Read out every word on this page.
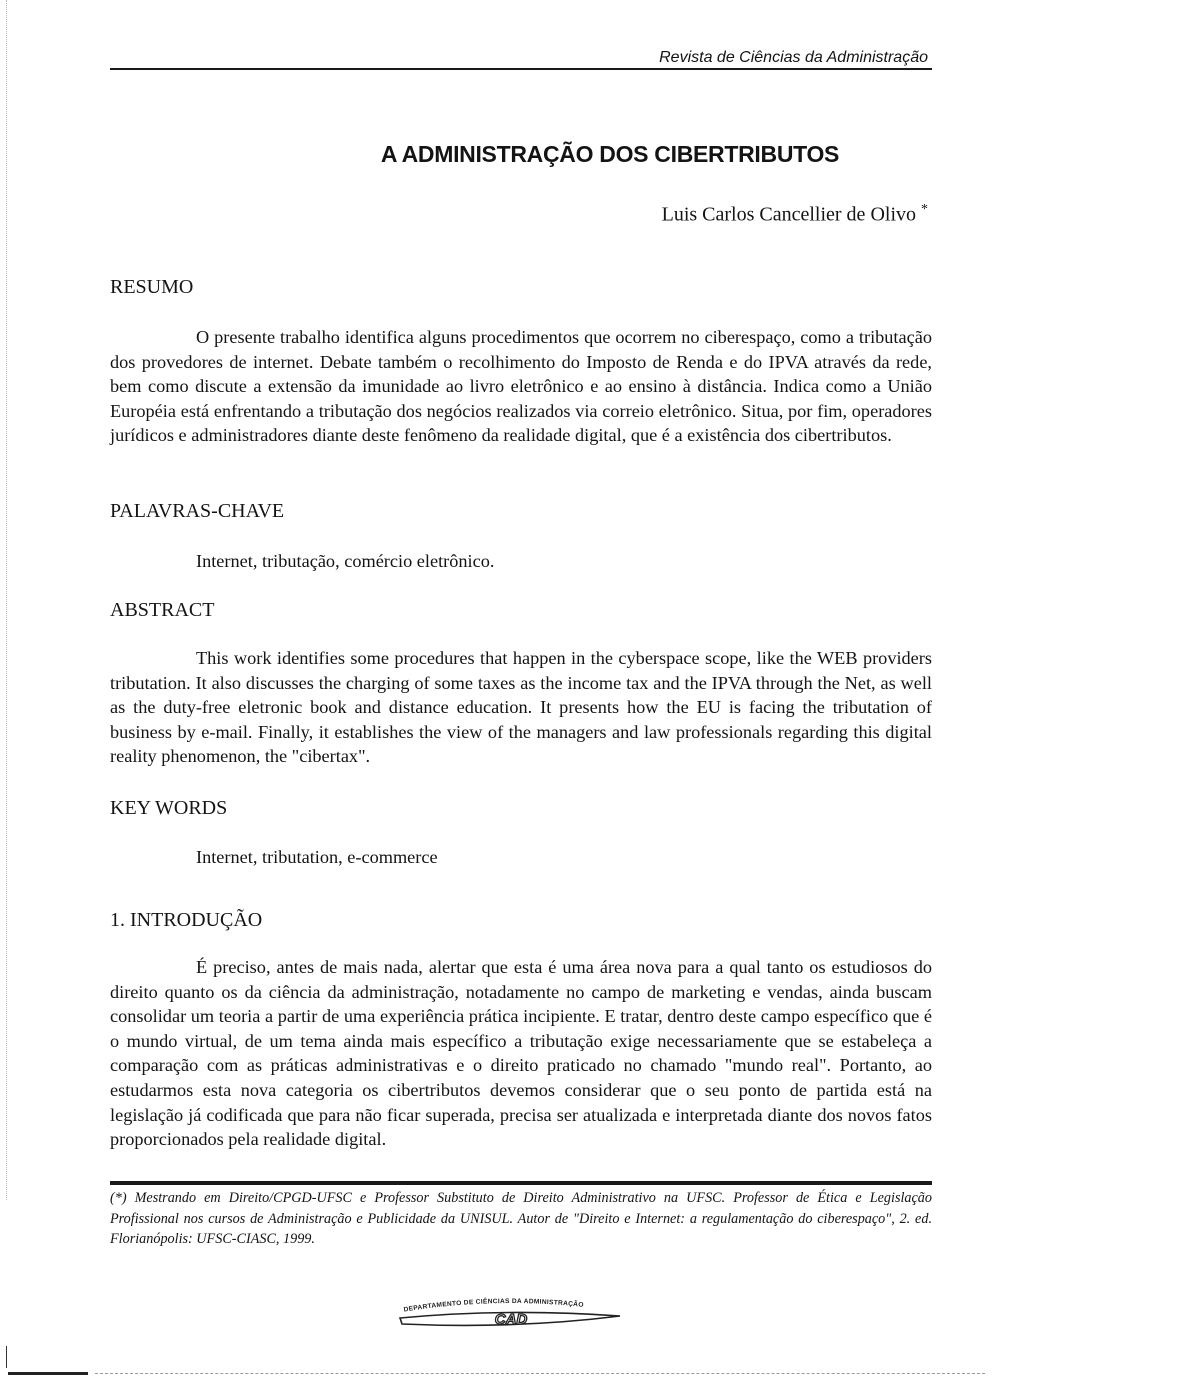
Revista de Ciências da Administração
A ADMINISTRAÇÃO DOS CIBERTRIBUTOS
Luis Carlos Cancellier de Olivo *
RESUMO
O presente trabalho identifica alguns procedimentos que ocorrem no ciberespaço, como a tributação dos provedores de internet. Debate também o recolhimento do Imposto de Renda e do IPVA através da rede, bem como discute a extensão da imunidade ao livro eletrônico e ao ensino à distância. Indica como a União Européia está enfrentando a tributação dos negócios realizados via correio eletrônico. Situa, por fim, operadores jurídicos e administradores diante deste fenômeno da realidade digital, que é a existência dos cibertributos.
PALAVRAS-CHAVE
Internet, tributação, comércio eletrônico.
ABSTRACT
This work identifies some procedures that happen in the cyberspace scope, like the WEB providers tributation. It also discusses the charging of some taxes as the income tax and the IPVA through the Net, as well as the duty-free eletronic book and distance education. It presents how the EU is facing the tributation of business by e-mail. Finally, it establishes the view of the managers and law professionals regarding this digital reality phenomenon, the "cibertax".
KEY WORDS
Internet, tributation, e-commerce
1. INTRODUÇÃO
É preciso, antes de mais nada, alertar que esta é uma área nova para a qual tanto os estudiosos do direito quanto os da ciência da administração, notadamente no campo de marketing e vendas, ainda buscam consolidar um teoria a partir de uma experiência prática incipiente. E tratar, dentro deste campo específico que é o mundo virtual, de um tema ainda mais específico a tributação exige necessariamente que se estabeleça a comparação com as práticas administrativas e o direito praticado no chamado "mundo real". Portanto, ao estudarmos esta nova categoria os cibertributos devemos considerar que o seu ponto de partida está na legislação já codificada que para não ficar superada, precisa ser atualizada e interpretada diante dos novos fatos proporcionados pela realidade digital.
(*) Mestrando em Direito/CPGD-UFSC e Professor Substituto de Direito Administrativo na UFSC. Professor de Ética e Legislação Profissional nos cursos de Administração e Publicidade da UNISUL. Autor de "Direito e Internet: a regulamentação do ciberespaço", 2. ed. Florianópolis: UFSC-CIASC, 1999.
DEPARTAMENTO DE CIÊNCIAS DA ADMINISTRAÇÃO
CAD
